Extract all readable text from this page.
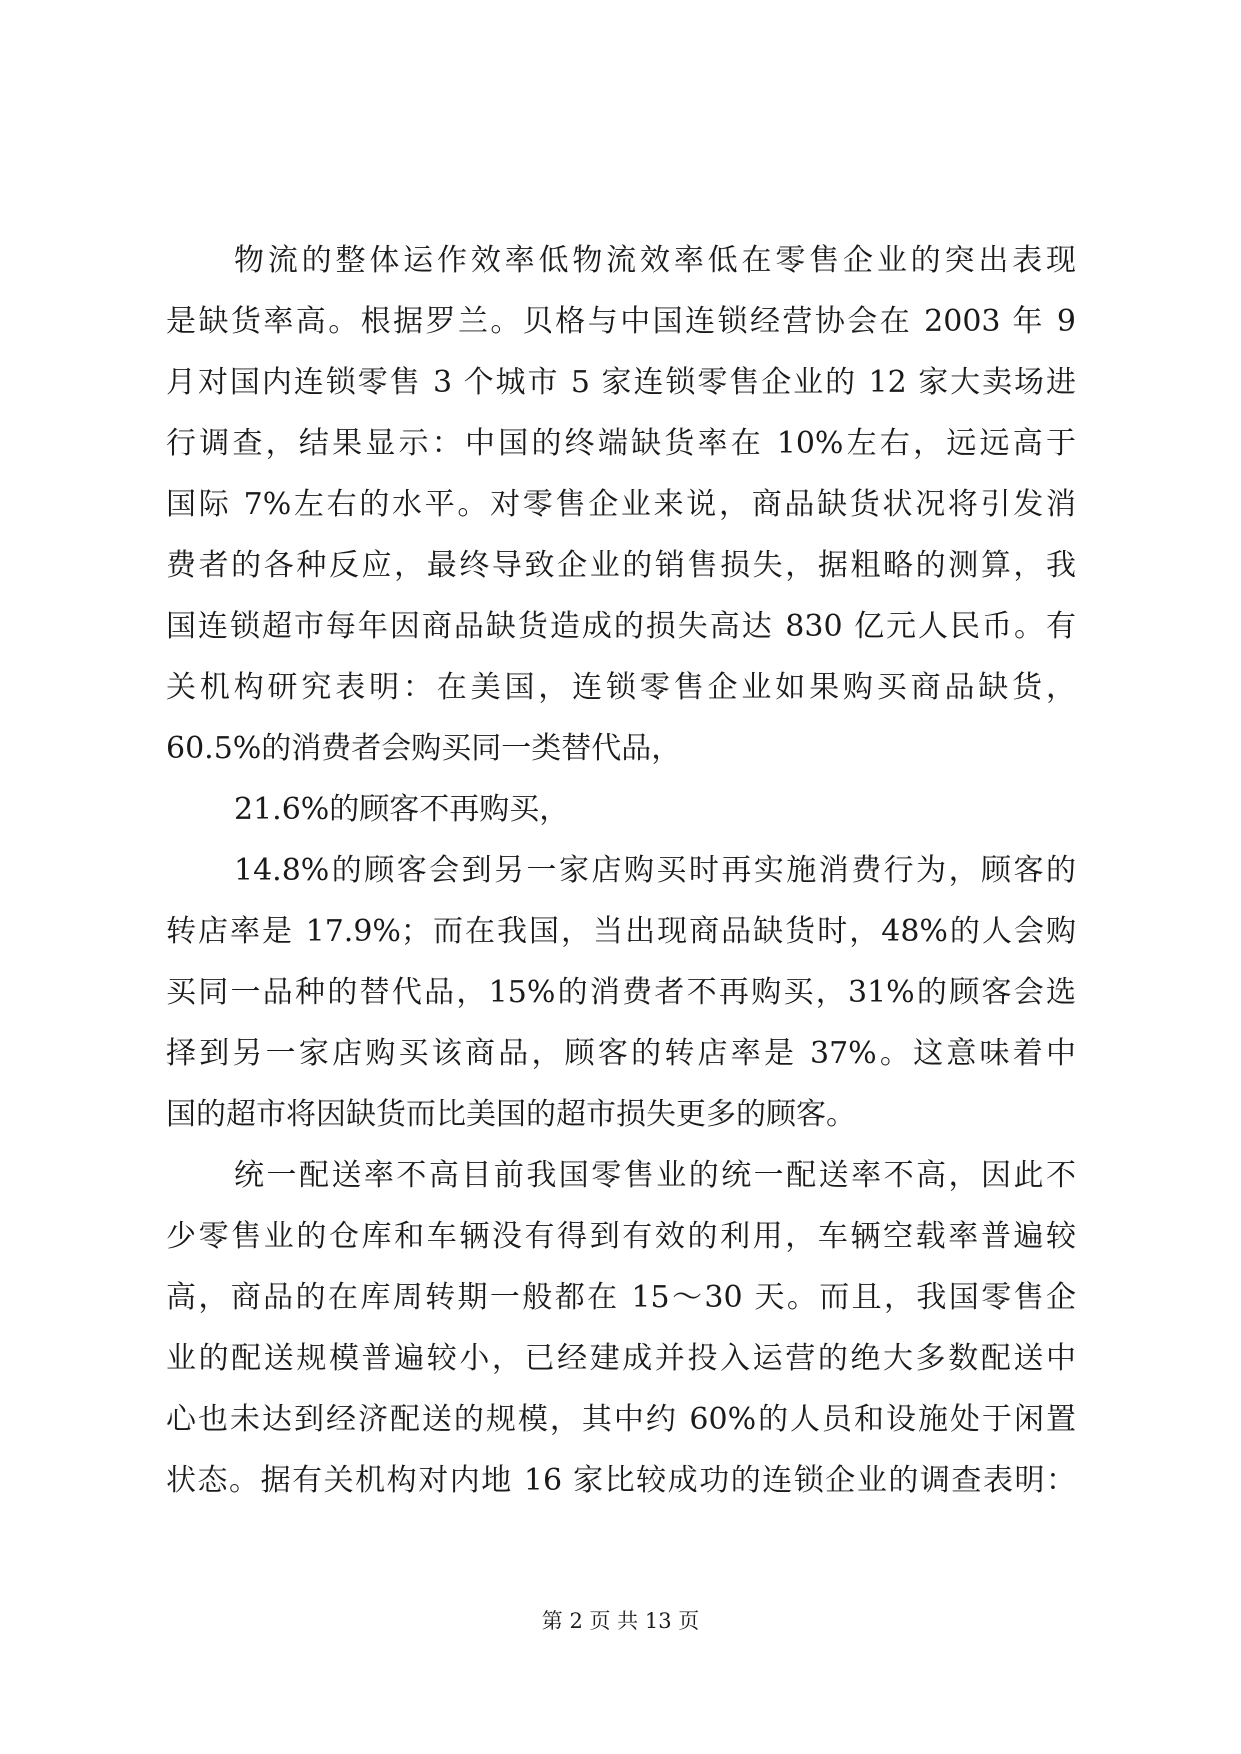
物流的整体运作效率低物流效率低在零售企业的突出表现
是缺货率高。根据罗兰。贝格与中国连锁经营协会在 2003 年 9
月对国内连锁零售 3 个城市 5 家连锁零售企业的 12 家大卖场进
行调查，结果显示：中国的终端缺货率在 10%左右，远远高于
国际 7%左右的水平。对零售企业来说，商品缺货状况将引发消
费者的各种反应，最终导致企业的销售损失，据粗略的测算，我
国连锁超市每年因商品缺货造成的损失高达 830 亿元人民币。有
关机构研究表明：在美国，连锁零售企业如果购买商品缺货，
60.5%的消费者会购买同一类替代品，
21.6%的顾客不再购买，
14.8%的顾客会到另一家店购买时再实施消费行为，顾客的
转店率是 17.9%；而在我国，当出现商品缺货时，48%的人会购
买同一品种的替代品，15%的消费者不再购买，31%的顾客会选
择到另一家店购买该商品，顾客的转店率是 37%。这意味着中
国的超市将因缺货而比美国的超市损失更多的顾客。
统一配送率不高目前我国零售业的统一配送率不高，因此不
少零售业的仓库和车辆没有得到有效的利用，车辆空载率普遍较
高，商品的在库周转期一般都在 15～30 天。而且，我国零售企
业的配送规模普遍较小，已经建成并投入运营的绝大多数配送中
心也未达到经济配送的规模，其中约 60%的人员和设施处于闲置
状态。据有关机构对内地 16 家比较成功的连锁企业的调查表明：
第 2 页 共 13 页
